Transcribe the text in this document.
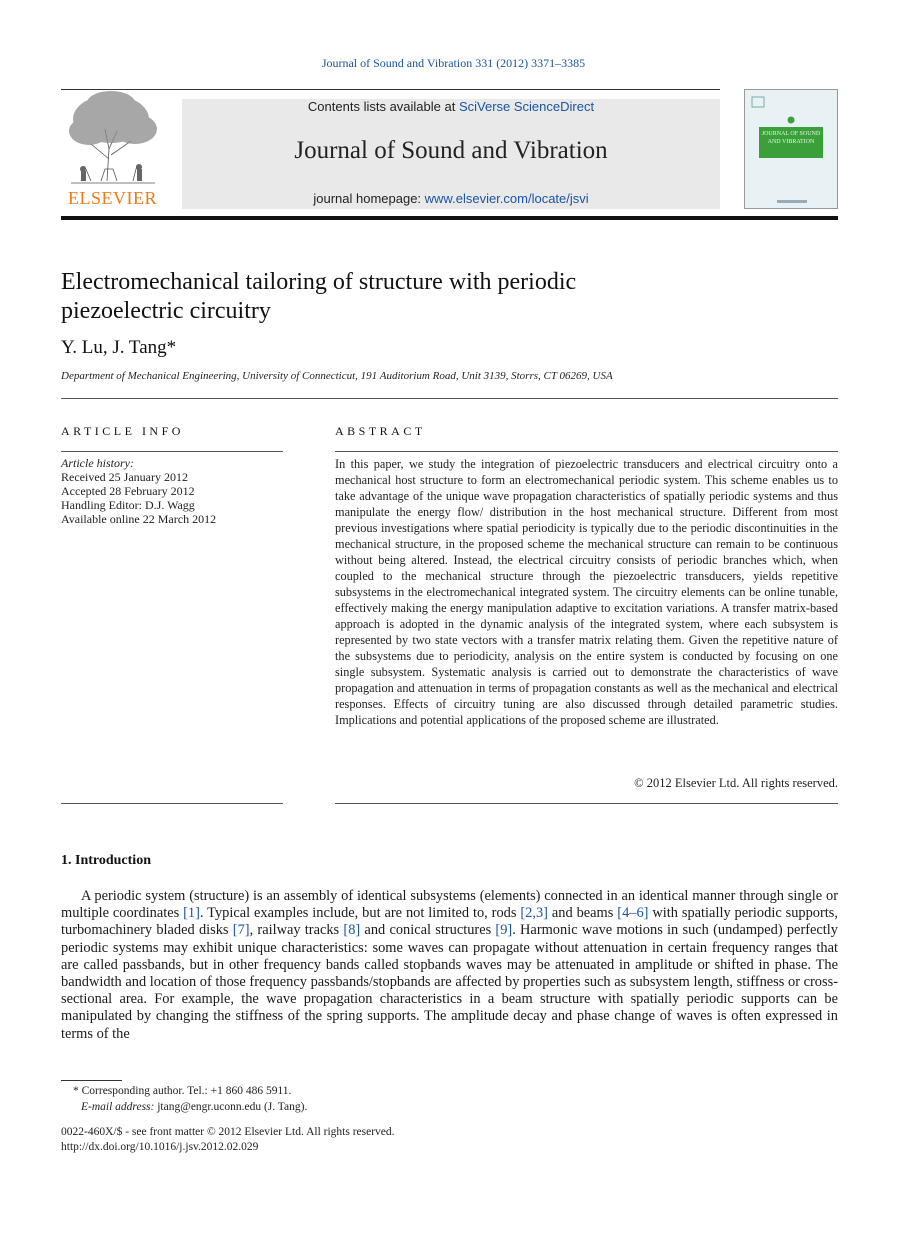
Journal of Sound and Vibration 331 (2012) 3371–3385
ELSEVIER
Contents lists available at SciVerse ScienceDirect
Journal of Sound and Vibration
journal homepage: www.elsevier.com/locate/jsvi
JOURNAL OF SOUND AND VIBRATION
Electromechanical tailoring of structure with periodic
piezoelectric circuitry
Y. Lu, J. Tang*
Department of Mechanical Engineering, University of Connecticut, 191 Auditorium Road, Unit 3139, Storrs, CT 06269, USA
ARTICLE INFO
Article history:
Received 25 January 2012
Accepted 28 February 2012
Handling Editor: D.J. Wagg
Available online 22 March 2012
ABSTRACT
In this paper, we study the integration of piezoelectric transducers and electrical circuitry onto a mechanical host structure to form an electromechanical periodic system. This scheme enables us to take advantage of the unique wave propagation characteristics of spatially periodic systems and thus manipulate the energy flow/ distribution in the host mechanical structure. Different from most previous investigations where spatial periodicity is typically due to the periodic discontinuities in the mechanical structure, in the proposed scheme the mechanical structure can remain to be continuous without being altered. Instead, the electrical circuitry consists of periodic branches which, when coupled to the mechanical structure through the piezoelectric transducers, yields repetitive subsystems in the electromechanical integrated system. The circuitry elements can be online tunable, effectively making the energy manipulation adaptive to excitation variations. A transfer matrix-based approach is adopted in the dynamic analysis of the integrated system, where each subsystem is represented by two state vectors with a transfer matrix relating them. Given the repetitive nature of the subsystems due to periodicity, analysis on the entire system is conducted by focusing on one single subsystem. Systematic analysis is carried out to demonstrate the characteristics of wave propagation and attenuation in terms of propagation constants as well as the mechanical and electrical responses. Effects of circuitry tuning are also discussed through detailed parametric studies. Implications and potential applications of the proposed scheme are illustrated.
© 2012 Elsevier Ltd. All rights reserved.
1. Introduction
A periodic system (structure) is an assembly of identical subsystems (elements) connected in an identical manner through single or multiple coordinates [1]. Typical examples include, but are not limited to, rods [2,3] and beams [4–6] with spatially periodic supports, turbomachinery bladed disks [7], railway tracks [8] and conical structures [9]. Harmonic wave motions in such (undamped) perfectly periodic systems may exhibit unique characteristics: some waves can propagate without attenuation in certain frequency ranges that are called passbands, but in other frequency bands called stopbands waves may be attenuated in amplitude or shifted in phase. The bandwidth and location of those frequency passbands/stopbands are affected by properties such as subsystem length, stiffness or cross-sectional area. For example, the wave propagation characteristics in a beam structure with spatially periodic supports can be manipulated by changing the stiffness of the spring supports. The amplitude decay and phase change of waves is often expressed in terms of the
* Corresponding author. Tel.: +1 860 486 5911.
E-mail address: jtang@engr.uconn.edu (J. Tang).
0022-460X/$ - see front matter © 2012 Elsevier Ltd. All rights reserved.
http://dx.doi.org/10.1016/j.jsv.2012.02.029
